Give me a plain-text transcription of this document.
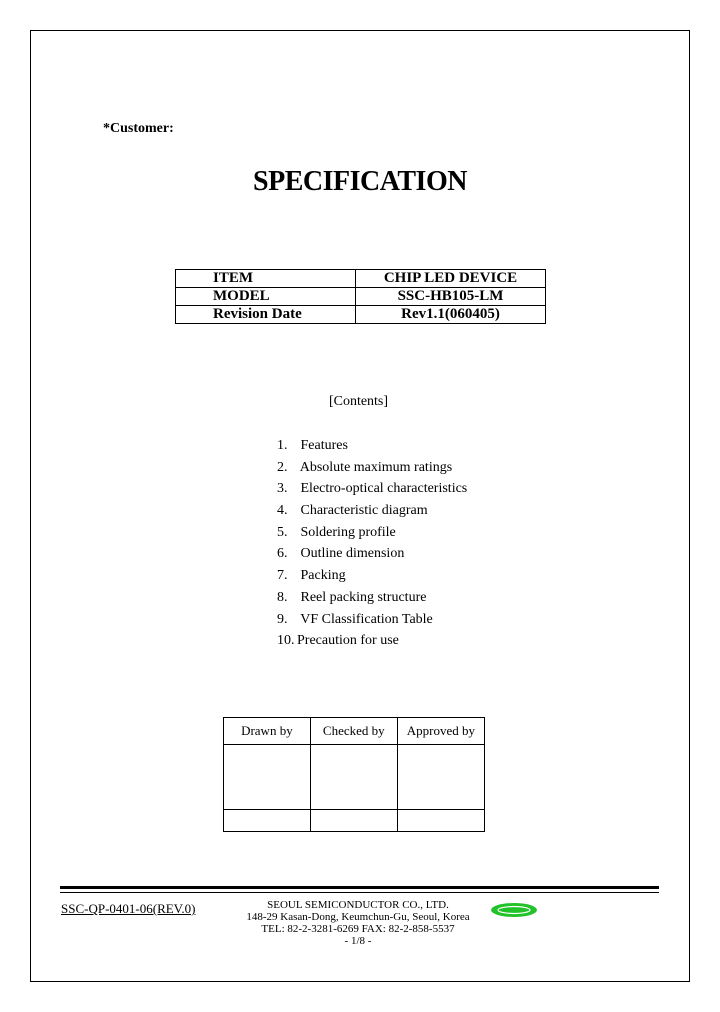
*Customer:
SPECIFICATION
ITEM	CHIP LED DEVICE
MODEL	SSC-HB105-LM
Revision Date	Rev1.1(060405)
[Contents]
1. Features
2. Absolute maximum ratings
3. Electro-optical characteristics
4. Characteristic diagram
5. Soldering profile
6. Outline dimension
7. Packing
8. Reel packing structure
9. VF Classification Table
10. Precaution for use
Drawn by	Checked by	Approved by

SSC-QP-0401-06(REV.0)	SEOUL SEMICONDUCTOR CO., LTD.
148-29 Kasan-Dong, Keumchun-Gu, Seoul, Korea
TEL: 82-2-3281-6269 FAX: 82-2-858-5537
- 1/8 -
